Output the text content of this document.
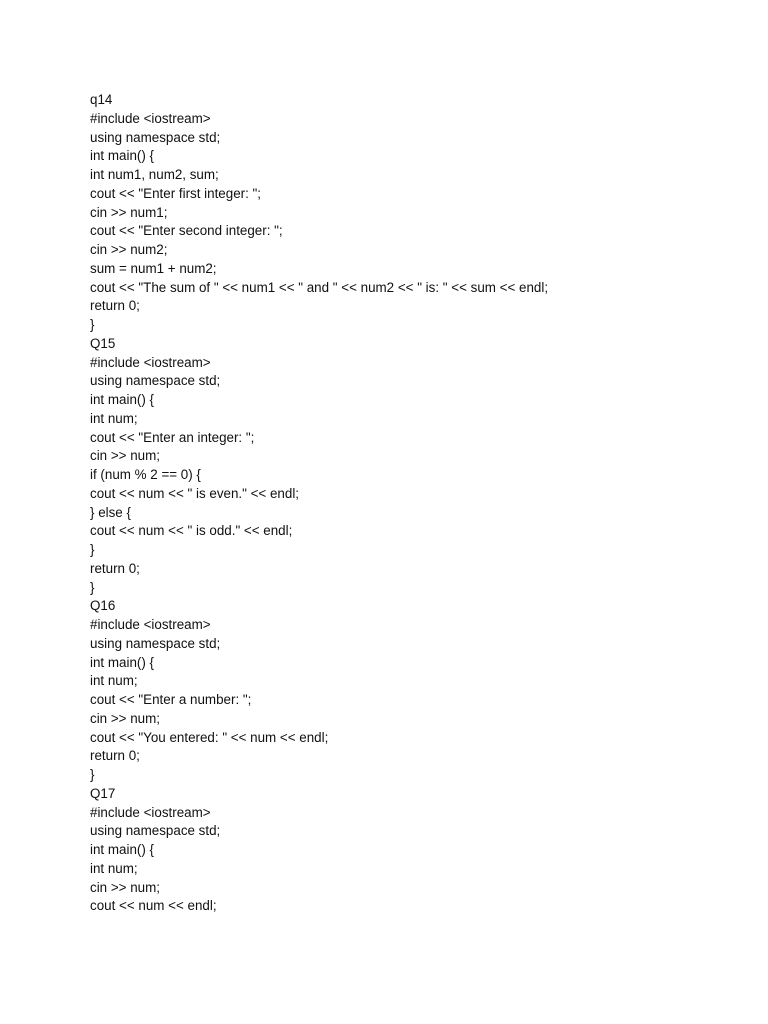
q14
#include <iostream>
using namespace std;
int main() {
int num1, num2, sum;
cout << "Enter first integer: ";
cin >> num1;
cout << "Enter second integer: ";
cin >> num2;
sum = num1 + num2;
cout << "The sum of " << num1 << " and " << num2 << " is: " << sum << endl;
return 0;
}
Q15
#include <iostream>
using namespace std;
int main() {
int num;
cout << "Enter an integer: ";
cin >> num;
if (num % 2 == 0) {
cout << num << " is even." << endl;
} else {
cout << num << " is odd." << endl;
}
return 0;
}
Q16
#include <iostream>
using namespace std;
int main() {
int num;
cout << "Enter a number: ";
cin >> num;
cout << "You entered: " << num << endl;
return 0;
}
Q17
#include <iostream>
using namespace std;
int main() {
int num;
cin >> num;
cout << num << endl;
